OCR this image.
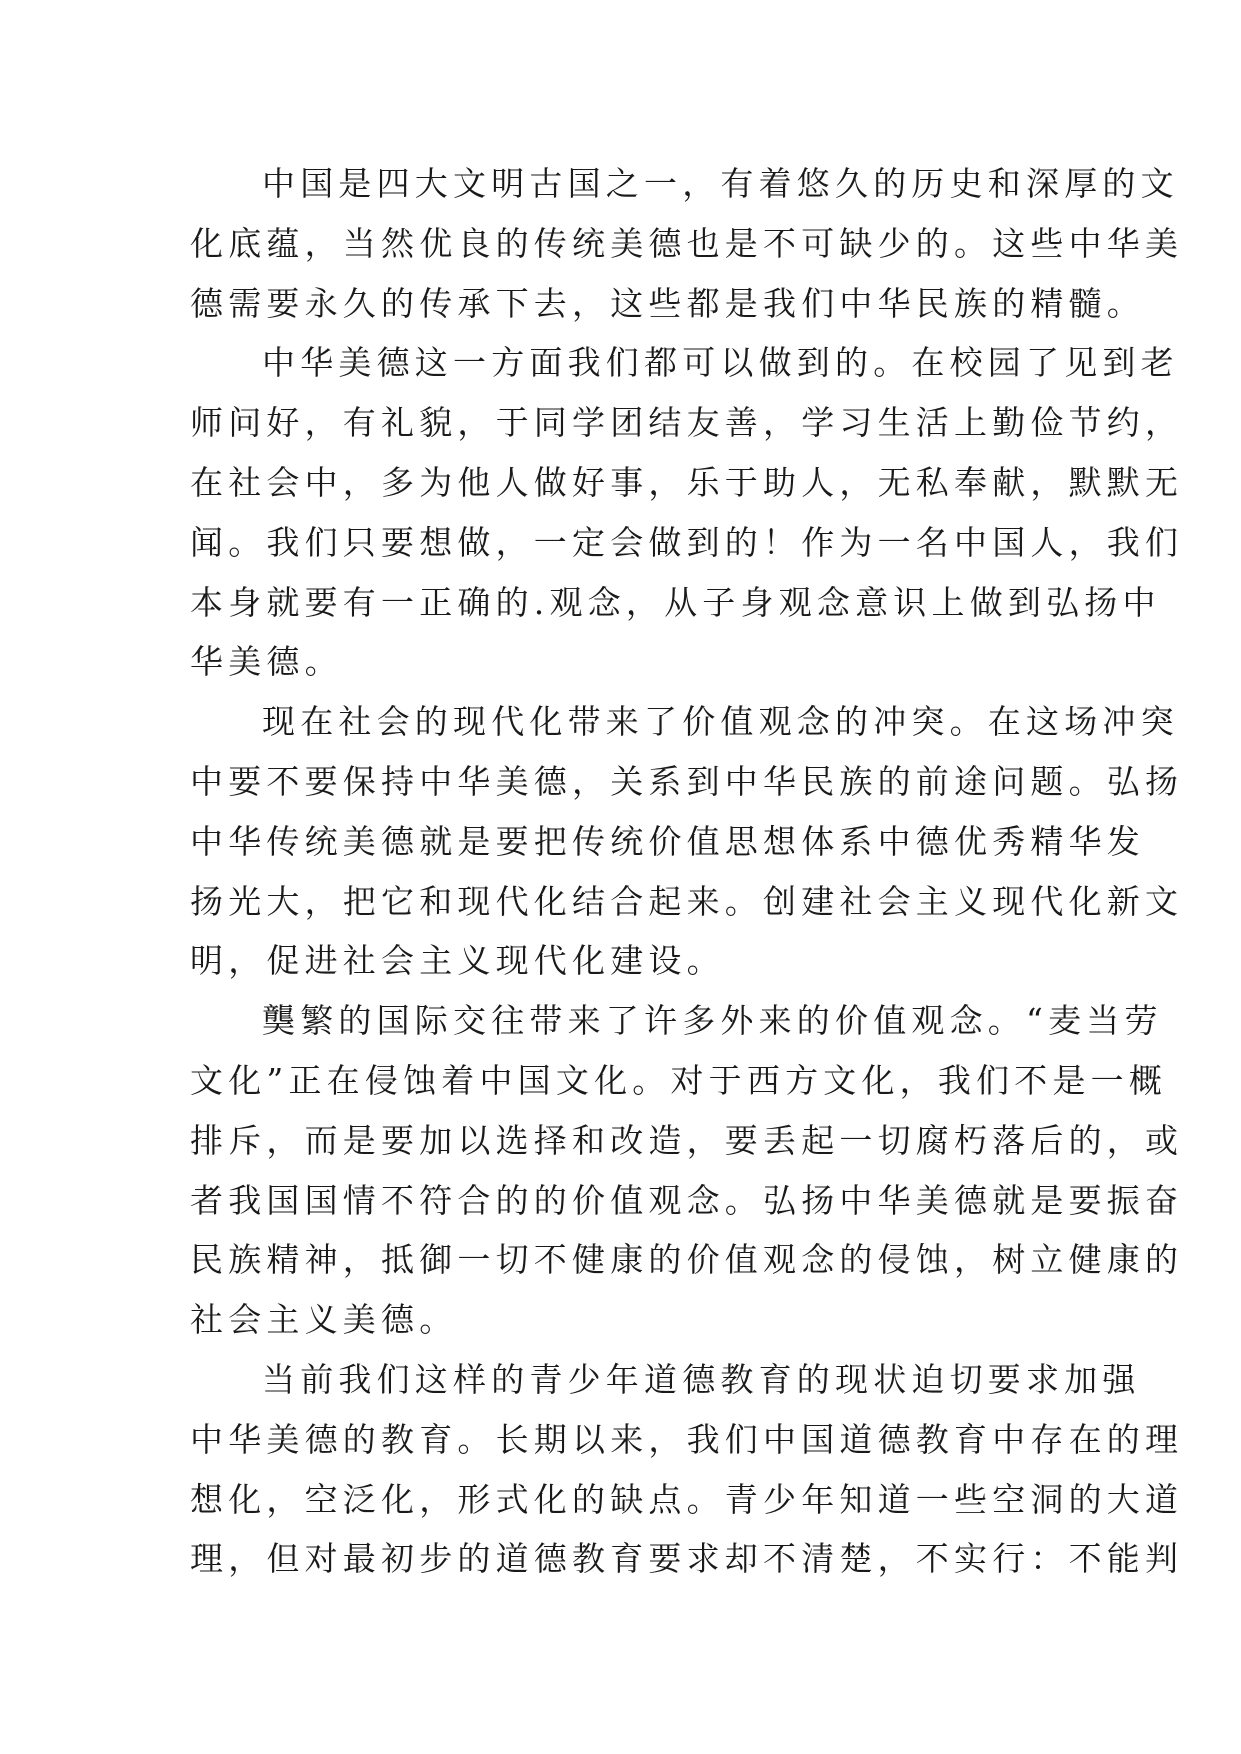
中国是四大文明古国之一，有着悠久的历史和深厚的文
化底蕴，当然优良的传统美德也是不可缺少的。这些中华美
德需要永久的传承下去，这些都是我们中华民族的精髓。
中华美德这一方面我们都可以做到的。在校园了见到老
师问好，有礼貌，于同学团结友善，学习生活上勤俭节约，
在社会中，多为他人做好事，乐于助人，无私奉献，默默无
闻。我们只要想做，一定会做到的！作为一名中国人，我们
本身就要有一正确的.观念，从子身观念意识上做到弘扬中
华美德。
现在社会的现代化带来了价值观念的冲突。在这场冲突
中要不要保持中华美德，关系到中华民族的前途问题。弘扬
中华传统美德就是要把传统价值思想体系中德优秀精华发
扬光大，把它和现代化结合起来。创建社会主义现代化新文
明，促进社会主义现代化建设。
龑繁的国际交往带来了许多外来的价值观念。“麦当劳
文化”正在侵蚀着中国文化。对于西方文化，我们不是一概
排斥，而是要加以选择和改造，要丢起一切腐朽落后的，或
者我国国情不符合的的价值观念。弘扬中华美德就是要振奋
民族精神，抵御一切不健康的价值观念的侵蚀，树立健康的
社会主义美德。
当前我们这样的青少年道德教育的现状迫切要求加强
中华美德的教育。长期以来，我们中国道德教育中存在的理
想化，空泛化，形式化的缺点。青少年知道一些空洞的大道
理，但对最初步的道德教育要求却不清楚，不实行：不能判
